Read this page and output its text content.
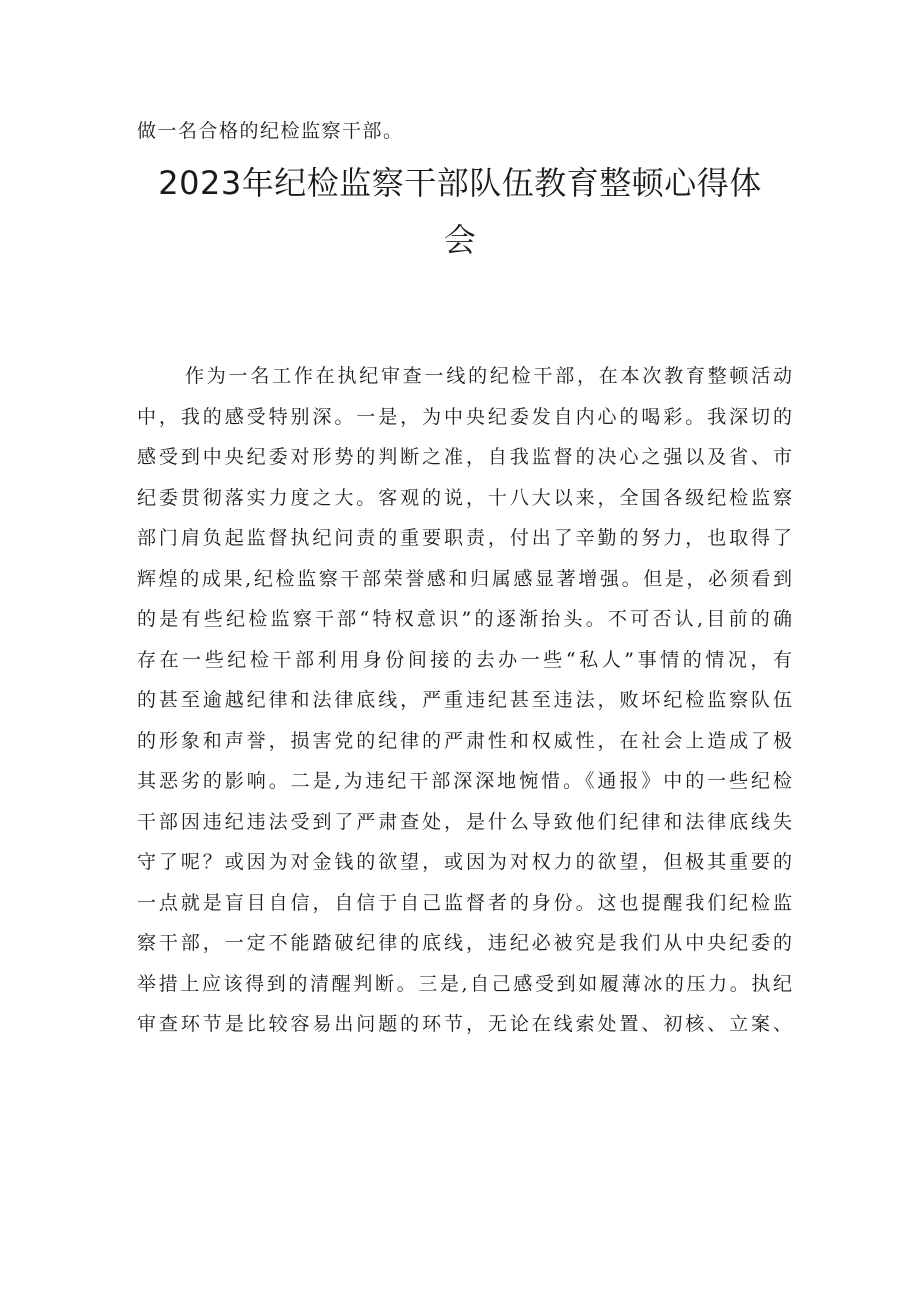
做一名合格的纪检监察干部。
2023年纪检监察干部队伍教育整顿心得体
会
作为一名工作在执纪审查一线的纪检干部，在本次教育整顿活动
中，我的感受特别深。一是，为中央纪委发自内心的喝彩。我深切的
感受到中央纪委对形势的判断之准，自我监督的决心之强以及省、市
纪委贯彻落实力度之大。客观的说，十八大以来，全国各级纪检监察
部门肩负起监督执纪问责的重要职责，付出了辛勤的努力，也取得了
辉煌的成果,纪检监察干部荣誉感和归属感显著增强。但是，必须看到
的是有些纪检监察干部“特权意识”的逐渐抬头。不可否认,目前的确
存在一些纪检干部利用身份间接的去办一些“私人”事情的情况，有
的甚至逾越纪律和法律底线，严重违纪甚至违法，败坏纪检监察队伍
的形象和声誉，损害党的纪律的严肃性和权威性，在社会上造成了极
其恶劣的影响。二是,为违纪干部深深地惋惜。《通报》中的一些纪检
干部因违纪违法受到了严肃查处，是什么导致他们纪律和法律底线失
守了呢？或因为对金钱的欲望，或因为对权力的欲望，但极其重要的
一点就是盲目自信，自信于自己监督者的身份。这也提醒我们纪检监
察干部，一定不能踏破纪律的底线，违纪必被究是我们从中央纪委的
举措上应该得到的清醒判断。三是,自己感受到如履薄冰的压力。执纪
审查环节是比较容易出问题的环节，无论在线索处置、初核、立案、
